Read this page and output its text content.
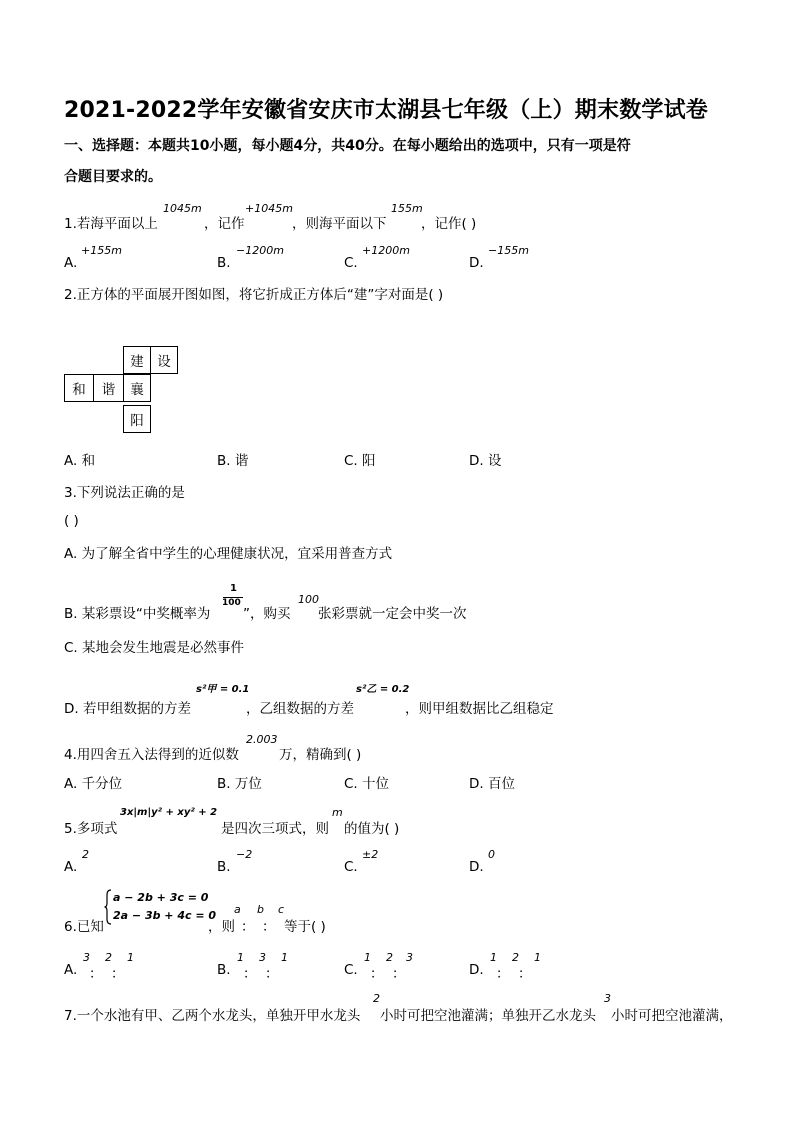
2021-2022学年安徽省安庆市太湖县七年级（上）期末数学试卷
一、选择题：本题共10小题，每小题4分，共40分。在每小题给出的选项中，只有一项是符
合题目要求的。
1.若海平面以上
1045m
，记作
+1045m
，则海平面以下
155m
，记作( )
A.
+155m
B.
−1200m
C.
+1200m
D.
−155m
2.正方体的平面展开图如图，将它折成正方体后“建”字对面是( )
建	设
和	谐	襄
阳
A. 和	B. 谐	C. 阳	D. 设
3.下列说法正确的是
( )
A. 为了解全省中学生的心理健康状况，宜采用普查方式
B. 某彩票设“中奖概率为
1
100
”，购买
100
张彩票就一定会中奖一次
C. 某地会发生地震是必然事件
D. 若甲组数据的方差
s²甲 = 0.1
，乙组数据的方差
s²乙 = 0.2
，则甲组数据比乙组稳定
4.用四舍五入法得到的近似数
2.003
万，精确到( )
A. 千分位	B. 万位	C. 十位	D. 百位
5.多项式
3x|m|y² + xy² + 2
是四次三项式，则
m
的值为( )
A.
2
B.
−2
C.
±2
D.
0
6.已知
a − 2b + 3c = 0
2a − 3b + 4c = 0
，则
a
：
b
：
c
等于( )
A.
3
：
2
：
1
B.
1
：
3
：
1
C.
1
：
2
：
3
D.
1
：
2
：
1
7.一个水池有甲、乙两个水龙头，单独开甲水龙头
2
小时可把空池灌满；单独开乙水龙头
3
小时可把空池灌满，
